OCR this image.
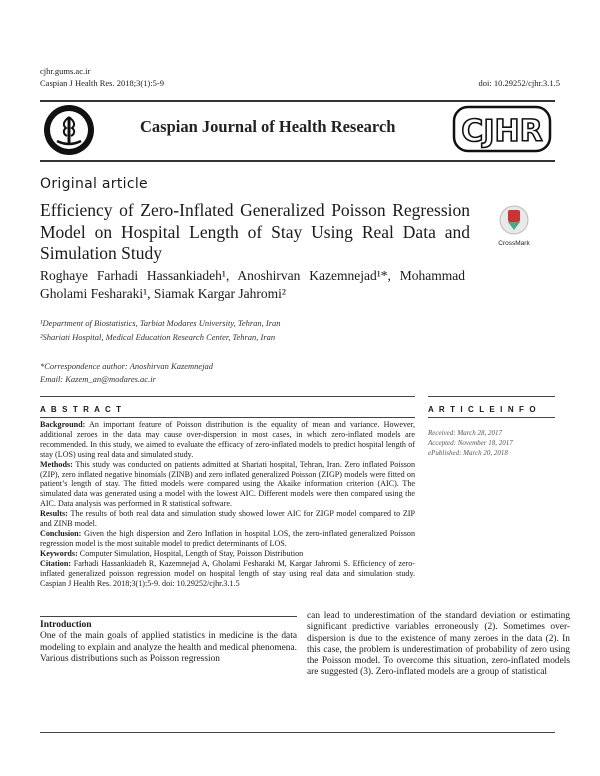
cjhr.gums.ac.ir
Caspian J Health Res. 2018;3(1):5-9	doi: 10.29252/cjhr.3.1.5
Caspian Journal of Health Research CJHR
Original article
Efficiency of Zero-Inflated Generalized Poisson Regression Model on Hospital Length of Stay Using Real Data and Simulation Study	CrossMark
Roghaye Farhadi Hassankiadeh¹, Anoshirvan Kazemnejad¹*, Mohammad Gholami Fesharaki¹, Siamak Kargar Jahromi²
¹Department of Biostatistics, Tarbiat Modares University, Tehran, Iran
²Shariati Hospital, Medical Education Research Center, Tehran, Iran
*Correspondence author: Anoshirvan Kazemnejad
Email: Kazem_an@modares.ac.ir
A B S T R A C T	A R T I C L E I N F O

Background: An important feature of Poisson distribution is the equality of mean and variance. However, additional zeroes in the data may cause over-dispersion in most cases, in which zero-inflated models are recommended. In this study, we aimed to evaluate the efficacy of zero-inflated models to predict hospital length of stay (LOS) using real data and simulated study.

Methods: This study was conducted on patients admitted at Shariati hospital, Tehran, Iran. Zero inflated Poisson (ZIP), zero inflated negative binomials (ZINB) and zero inflated generalized Poisson (ZIGP) models were fitted on patient’s length of stay. The fitted models were compared using the Akaike information criterion (AIC). The simulated data was generated using a model with the lowest AIC. Different models were then compared using the AIC. Data analysis was performed in R statistical software.

Results: The results of both real data and simulation study showed lower AIC for ZIGP model compared to ZIP and ZINB model.

Conclusion: Given the high dispersion and Zero Inflation in hospital LOS, the zero-inflated generalized Poisson regression model is the most suitable model to predict determinants of LOS.

Keywords: Computer Simulation, Hospital, Length of Stay, Poisson Distribution

Citation: Farhadi Hassankiadeh R, Kazemnejad A, Gholami Fesharaki M, Kargar Jahromi S. Efficiency of zero-inflated generalized poisson regression model on hospital length of stay using real data and simulation study. Caspian J Health Res. 2018;3(1):5-9. doi: 10.29252/cjhr.3.1.5

Received: March 28, 2017
Accepted: November 18, 2017
ePublished: March 20, 2018
Introduction
One of the main goals of applied statistics in medicine is the data modeling to explain and analyze the health and medical phenomena. Various distributions such as Poisson regression
can lead to underestimation of the standard deviation or estimating significant predictive variables erroneously (2). Sometimes over-dispersion is due to the existence of many zeroes in the data (2). In this case, the problem is underestimation of probability of zero using the Poisson model. To overcome this situation, zero-inflated models are suggested (3). Zero-inflated models are a group of statistical
